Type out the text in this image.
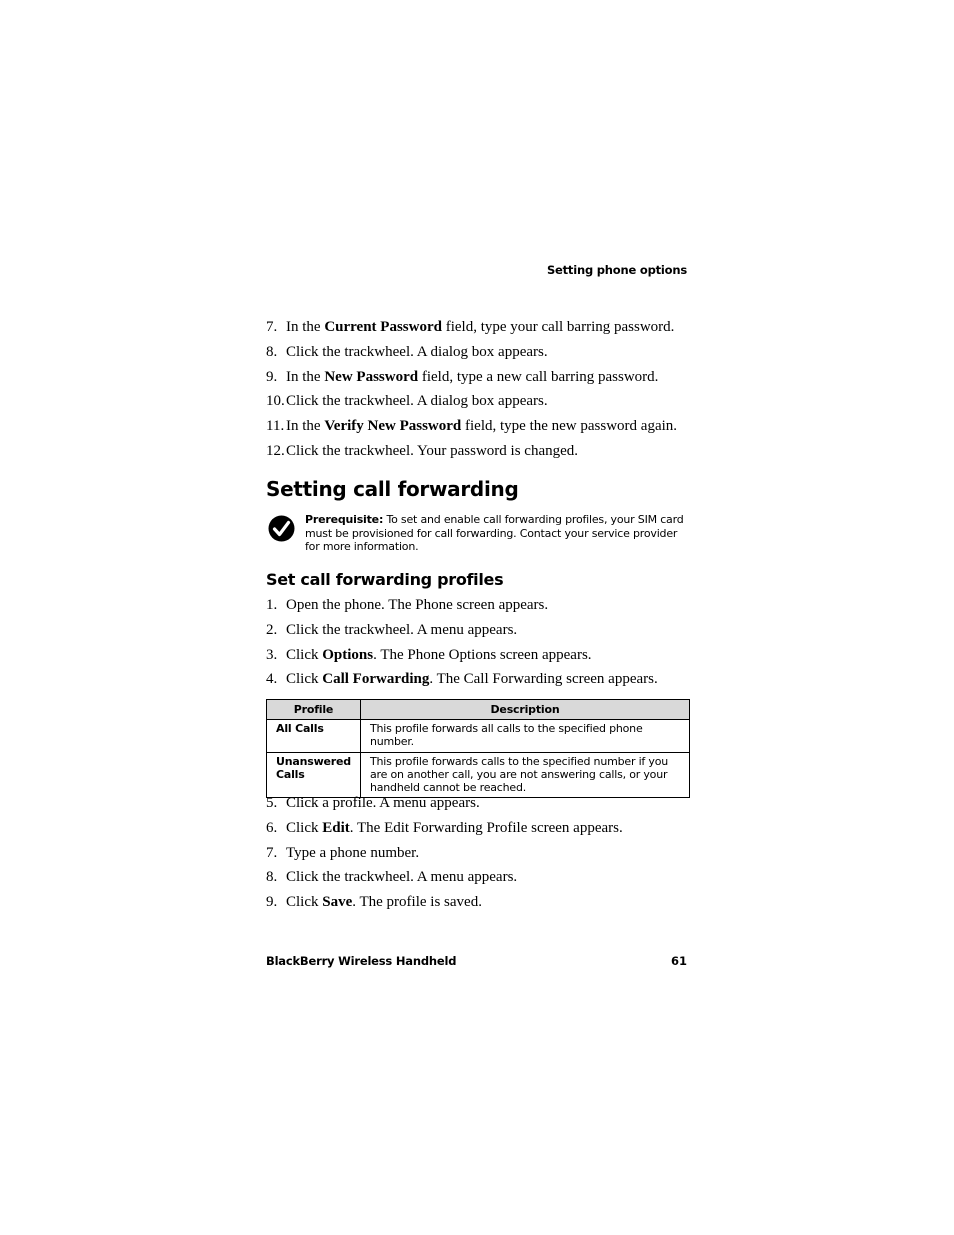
Setting phone options
7. In the Current Password field, type your call barring password.
8. Click the trackwheel. A dialog box appears.
9. In the New Password field, type a new call barring password.
10. Click the trackwheel. A dialog box appears.
11. In the Verify New Password field, type the new password again.
12. Click the trackwheel. Your password is changed.
Setting call forwarding
Prerequisite: To set and enable call forwarding profiles, your SIM card must be provisioned for call forwarding. Contact your service provider for more information.
Set call forwarding profiles
1. Open the phone. The Phone screen appears.
2. Click the trackwheel. A menu appears.
3. Click Options. The Phone Options screen appears.
4. Click Call Forwarding. The Call Forwarding screen appears.
Profile	Description
All Calls	This profile forwards all calls to the specified phone number.
Unanswered Calls	This profile forwards calls to the specified number if you are on another call, you are not answering calls, or your handheld cannot be reached.
5. Click a profile. A menu appears.
6. Click Edit. The Edit Forwarding Profile screen appears.
7. Type a phone number.
8. Click the trackwheel. A menu appears.
9. Click Save. The profile is saved.
BlackBerry Wireless Handheld	61
